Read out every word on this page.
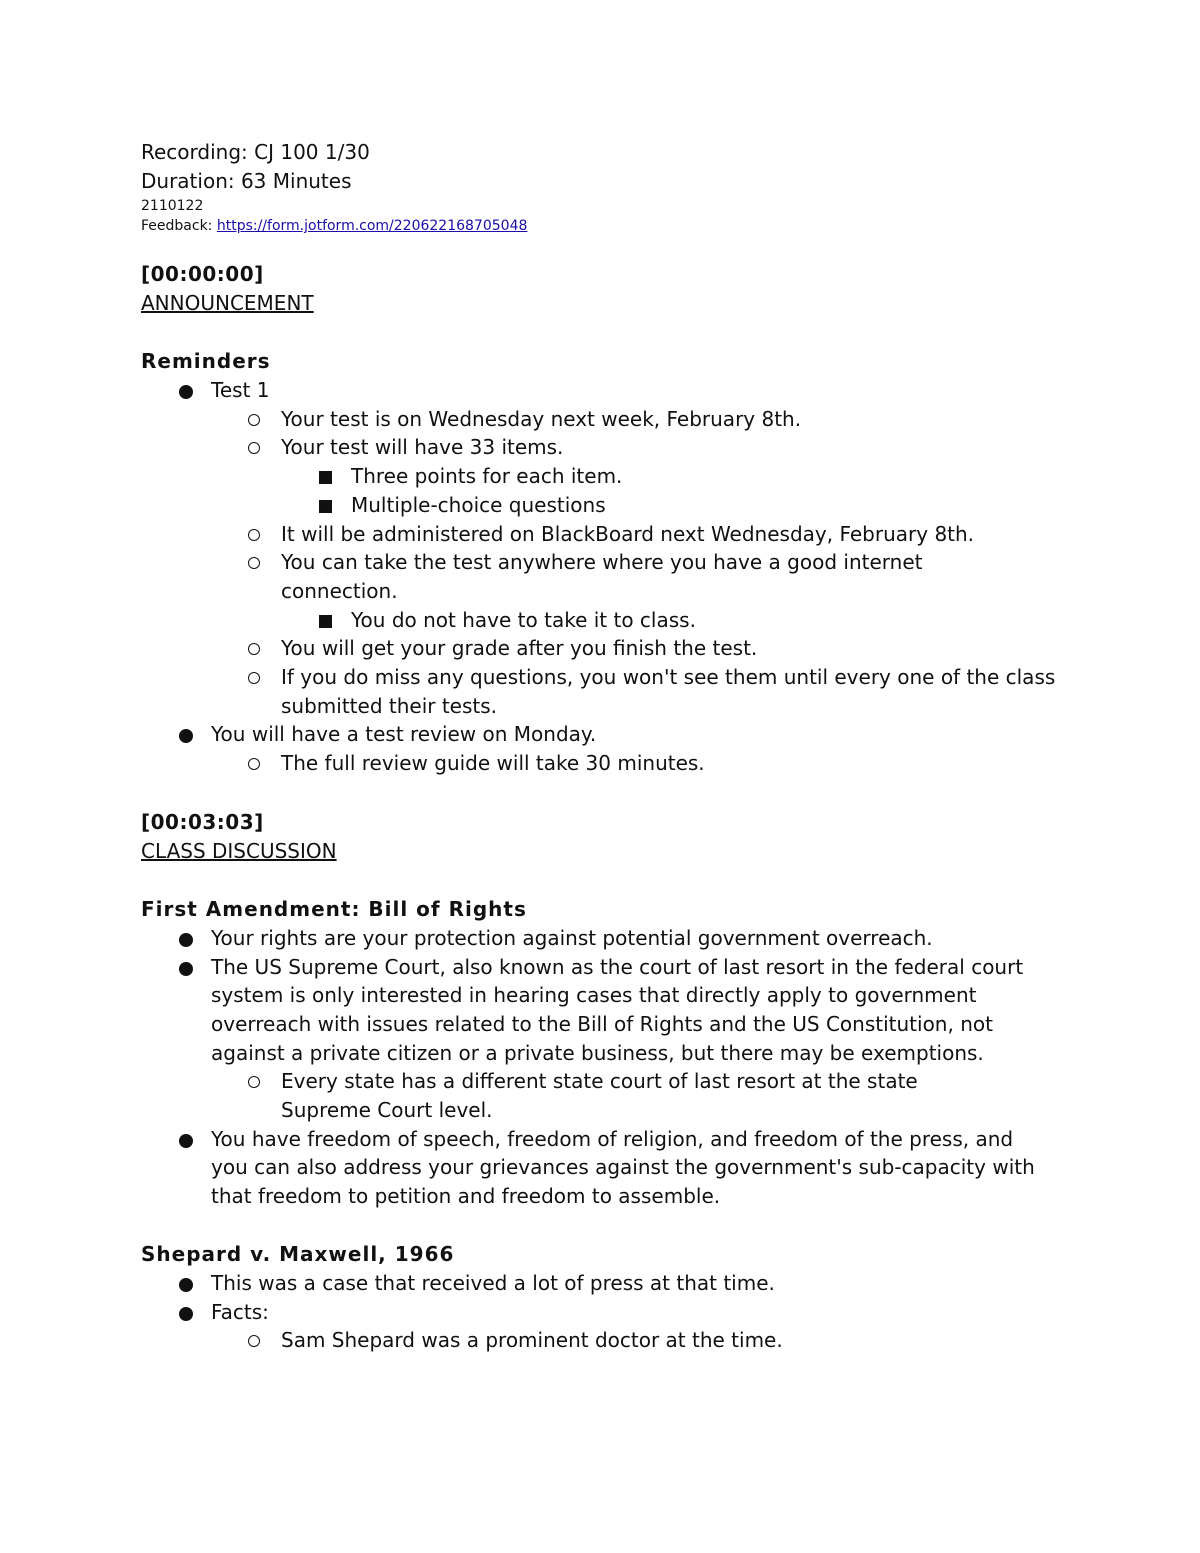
Recording: CJ 100 1/30

Duration: 63 Minutes

2110122

Feedback: https://form.jotform.com/220622168705048

[00:00:00]

ANNOUNCEMENT

Reminders

Test 1
Your test is on Wednesday next week, February 8th.
Your test will have 33 items.
Three points for each item.
Multiple-choice questions
It will be administered on BlackBoard next Wednesday, February 8th.
You can take the test anywhere where you have a good internet connection.
You do not have to take it to class.
You will get your grade after you finish the test.
If you do miss any questions, you won't see them until every one of the class submitted their tests.
You will have a test review on Monday.
The full review guide will take 30 minutes.

[00:03:03]

CLASS DISCUSSION

First Amendment: Bill of Rights

Your rights are your protection against potential government overreach.
The US Supreme Court, also known as the court of last resort in the federal court system is only interested in hearing cases that directly apply to government overreach with issues related to the Bill of Rights and the US Constitution, not against a private citizen or a private business, but there may be exemptions.
Every state has a different state court of last resort at the state Supreme Court level.
You have freedom of speech, freedom of religion, and freedom of the press, and you can also address your grievances against the government's sub-capacity with that freedom to petition and freedom to assemble.

Shepard v. Maxwell, 1966

This was a case that received a lot of press at that time.
Facts:
Sam Shepard was a prominent doctor at the time.
